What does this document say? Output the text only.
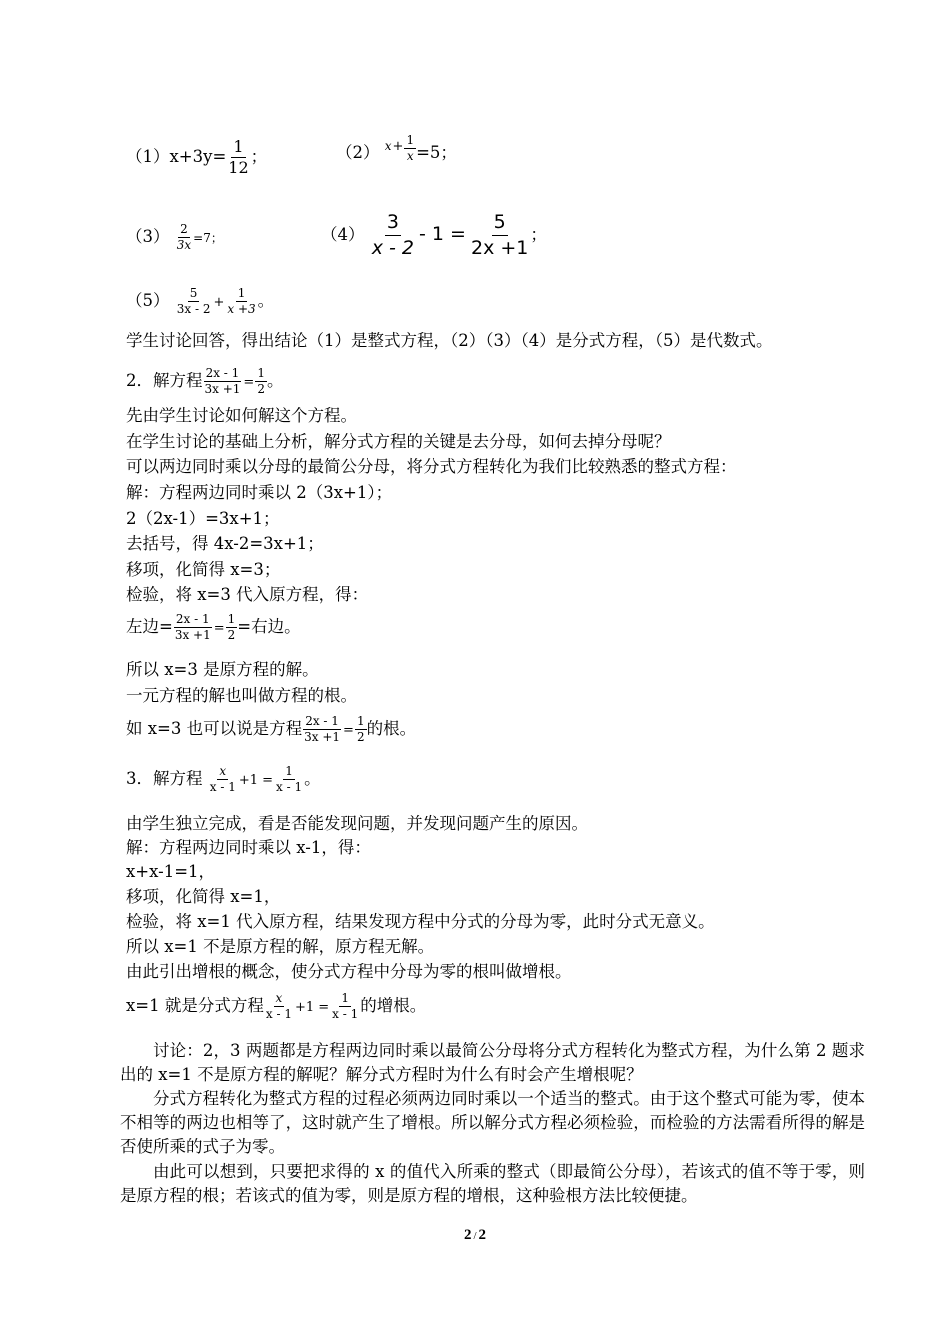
$(1)x+3y= \frac{1}{12}$ ；	（2） $^{x+} \frac{1}{x} =5$；
$(3) \frac{2}{3x} =7$；	$(4) \frac{3}{x - 2} - 1 = \frac{5}{2x +1}$ ；
$(5) \frac{5}{3x - 2} + \frac{1}{x +3}$ 。
学生讨论回答，得出结论（1）是整式方程，（2）（3）（4）是分式方程，（5）是代数式。
2．解方程 $\frac{2x - 1}{3x +1} = \frac{1}{2}$ 。
先由学生讨论如何解这个方程。
在学生讨论的基础上分析，解分式方程的关键是去分母，如何去掉分母呢？
可以两边同时乘以分母的最简公分母，将分式方程转化为我们比较熟悉的整式方程：
解：方程两边同时乘以 2（3x+1）；
2（2x-1）=3x+1；
去括号，得 4x-2=3x+1；
移项，化简得 x=3；
检验，将 x=3 代入原方程，得：
左边= $\frac{2x - 1}{3x +1} = \frac{1}{2}$ =右边。
所以 x=3 是原方程的解。
一元方程的解也叫做方程的根。
如 x=3 也可以说是方程 $\frac{2x - 1}{3x +1} = \frac{1}{2}$ 的根。
3．解方程 $\frac{x}{x - 1} +1 = \frac{1}{x - 1}$ 。
由学生独立完成，看是否能发现问题，并发现问题产生的原因。
解：方程两边同时乘以 x-1，得：
x+x-1=1，
移项，化简得 x=1，
检验，将 x=1 代入原方程，结果发现方程中分式的分母为零，此时分式无意义。
所以 x=1 不是原方程的解，原方程无解。
由此引出增根的概念，使分式方程中分母为零的根叫做增根。
x=1 就是分式方程 $\frac{x}{x - 1} +1 = \frac{1}{x - 1}$ 的增根。
讨论：2，3 两题都是方程两边同时乘以最简公分母将分式方程转化为整式方程，为什么第 2 题求出的 x=1 不是原方程的解呢？解分式方程时为什么有时会产生增根呢？
分式方程转化为整式方程的过程必须两边同时乘以一个适当的整式。由于这个整式可能为零，使本不相等的两边也相等了，这时就产生了增根。所以解分式方程必须检验，而检验的方法需看所得的解是否使所乘的式子为零。
由此可以想到，只要把求得的 x 的值代入所乘的整式（即最简公分母），若该式的值不等于零，则是原方程的根；若该式的值为零，则是原方程的增根，这种验根方法比较便捷。
2 / 2
